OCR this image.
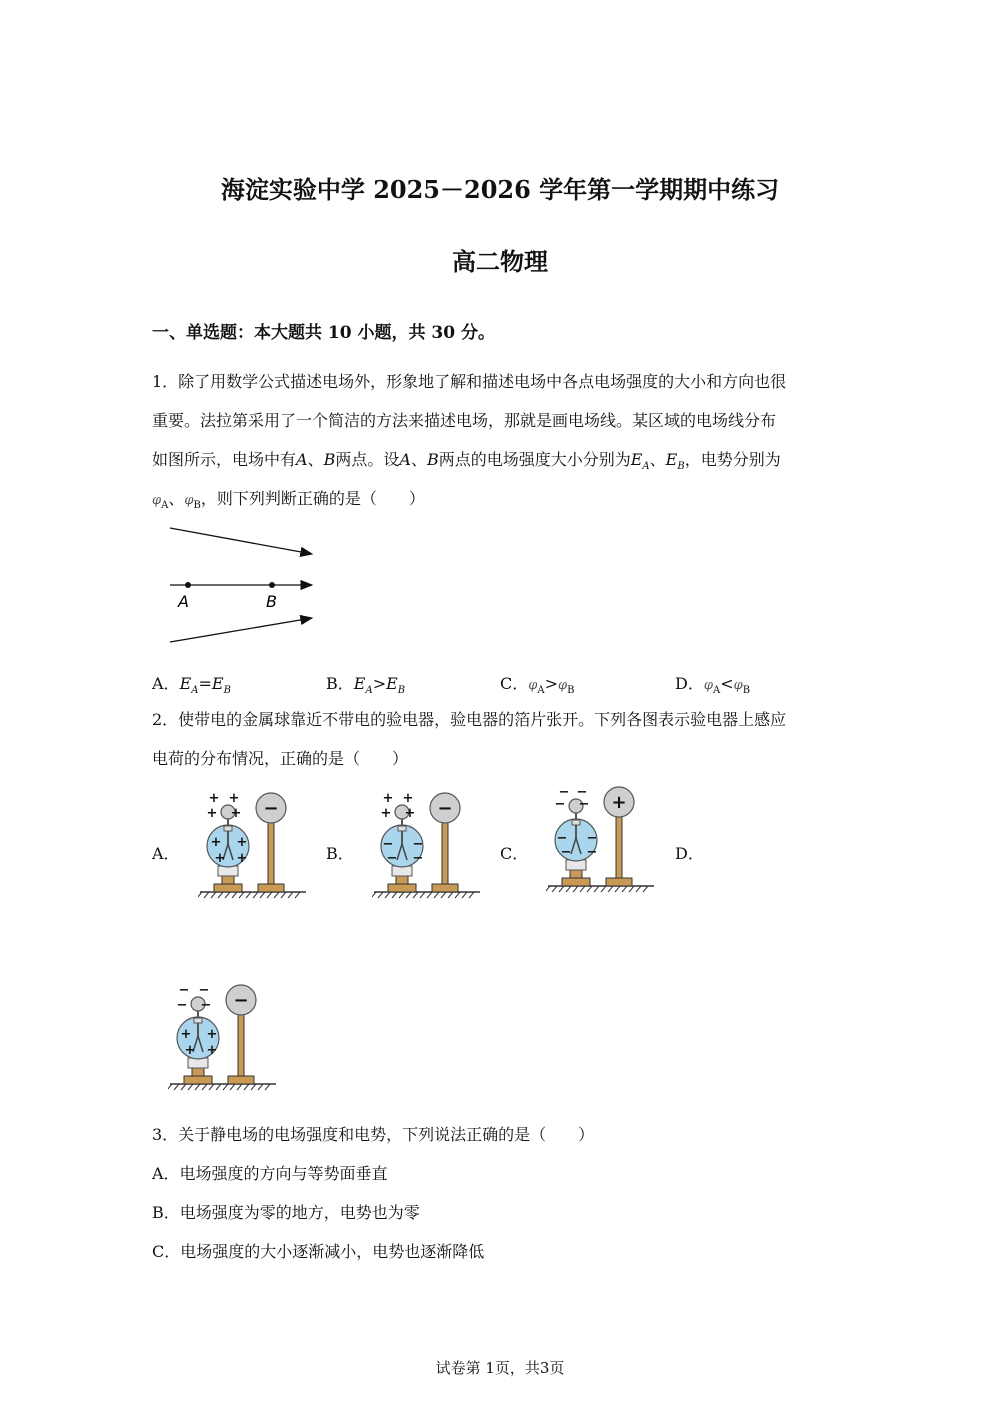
海淀实验中学 2025－2026 学年第一学期期中练习
高二物理
一、单选题：本大题共 10 小题，共 30 分。
1．除了用数学公式描述电场外，形象地了解和描述电场中各点电场强度的大小和方向也很
重要。法拉第采用了一个简洁的方法来描述电场，那就是画电场线。某区域的电场线分布
如图所示，电场中有A、B两点。设A、B两点的电场强度大小分别为$E_A$、$E_B$，电势分别为
$\varphi_A$、$\varphi_B$，则下列判断正确的是（　　）
A	B
A．$E_A=E_B$	B．$E_A>E_B$	C．$\varphi_A>\varphi_B$	D．$\varphi_A<\varphi_B$
2．使带电的金属球靠近不带电的验电器，验电器的箔片张开。下列各图表示验电器上感应
电荷的分布情况，正确的是（　　）
A．	B．	C．	D．
−
+ +
+ +
+ +
+ +
−
+ +
+ +
− −
− −
+
− −
− −
− −
− −
−
− −
− −
+ +
+ +
3．关于静电场的电场强度和电势，下列说法正确的是（　　）
A．电场强度的方向与等势面垂直
B．电场强度为零的地方，电势也为零
C．电场强度的大小逐渐减小，电势也逐渐降低
试卷第 1页，共3页
